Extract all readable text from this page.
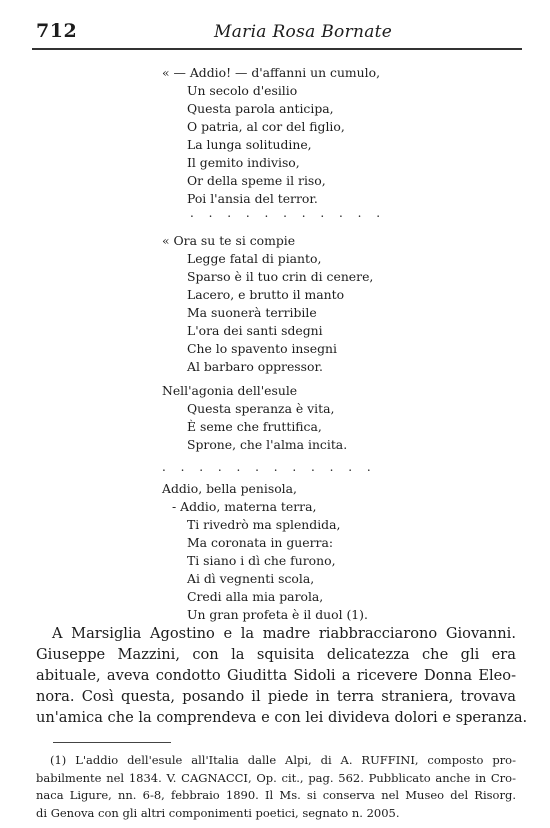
712	Maria Rosa Bornate
« — Addio! — d'affanni un cumulo,
Un secolo d'esilio
Questa parola anticipa,
O patria, al cor del figlio,
La lunga solitudine,
Il gemito indiviso,
Or della speme il riso,
Poi l'ansia del terror.
. . . . . . . . . . .
« Ora su te si compie
Legge fatal di pianto,
Sparso è il tuo crin di cenere,
Lacero, e brutto il manto
Ma suonerà terribile
L'ora dei santi sdegni
Che lo spavento insegni
Al barbaro oppressor.
Nell'agonia dell'esule
Questa speranza è vita,
È seme che fruttifica,
Sprone, che l'alma incita.
. . . . . . . . . . . .
Addio, bella penisola,
- Addio, materna terra,
Ti rivedrò ma splendida,
Ma coronata in guerra:
Ti siano i dì che furono,
Ai dì vegnenti scola,
Credi alla mia parola,
Un gran profeta è il duol (1).
A Marsiglia Agostino e la madre riabbracciarono Giovanni.
Giuseppe Mazzini, con la squisita delicatezza che gli era
abituale, aveva condotto Giuditta Sidoli a ricevere Donna Eleo-
nora. Così questa, posando il piede in terra straniera, trovava
un'amica che la comprendeva e con lei divideva dolori e speranza.
(1) L'addio dell'esule all'Italia dalle Alpi, di A. RUFFINI, composto pro-
babilmente nel 1834. V. CAGNACCI, Op. cit., pag. 562. Pubblicato anche in Cro-
naca Ligure, nn. 6-8, febbraio 1890. Il Ms. si conserva nel Museo del Risorg.
di Genova con gli altri componimenti poetici, segnato n. 2005.
